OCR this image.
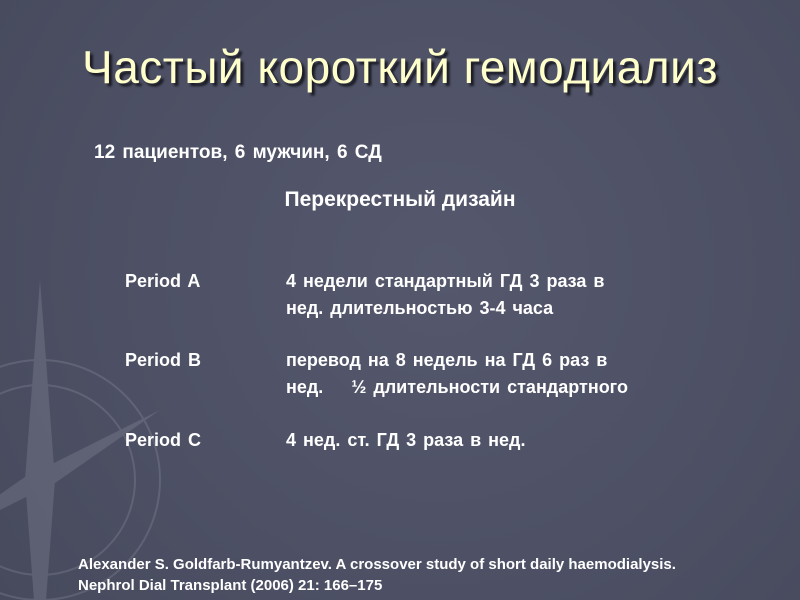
Частый короткий гемодиализ
12 пациентов, 6 мужчин, 6 СД
Перекрестный дизайн
Period A	4 недели стандартный ГД 3 раза в
нед. длительностью 3-4 часа
Period B	перевод на 8 недель на ГД 6 раз в
нед.    ½ длительности стандартного
Period C	4 нед. ст. ГД 3 раза в нед.
Alexander S. Goldfarb-Rumyantzev. A crossover study of short daily haemodialysis.
Nephrol Dial Transplant (2006) 21: 166–175
